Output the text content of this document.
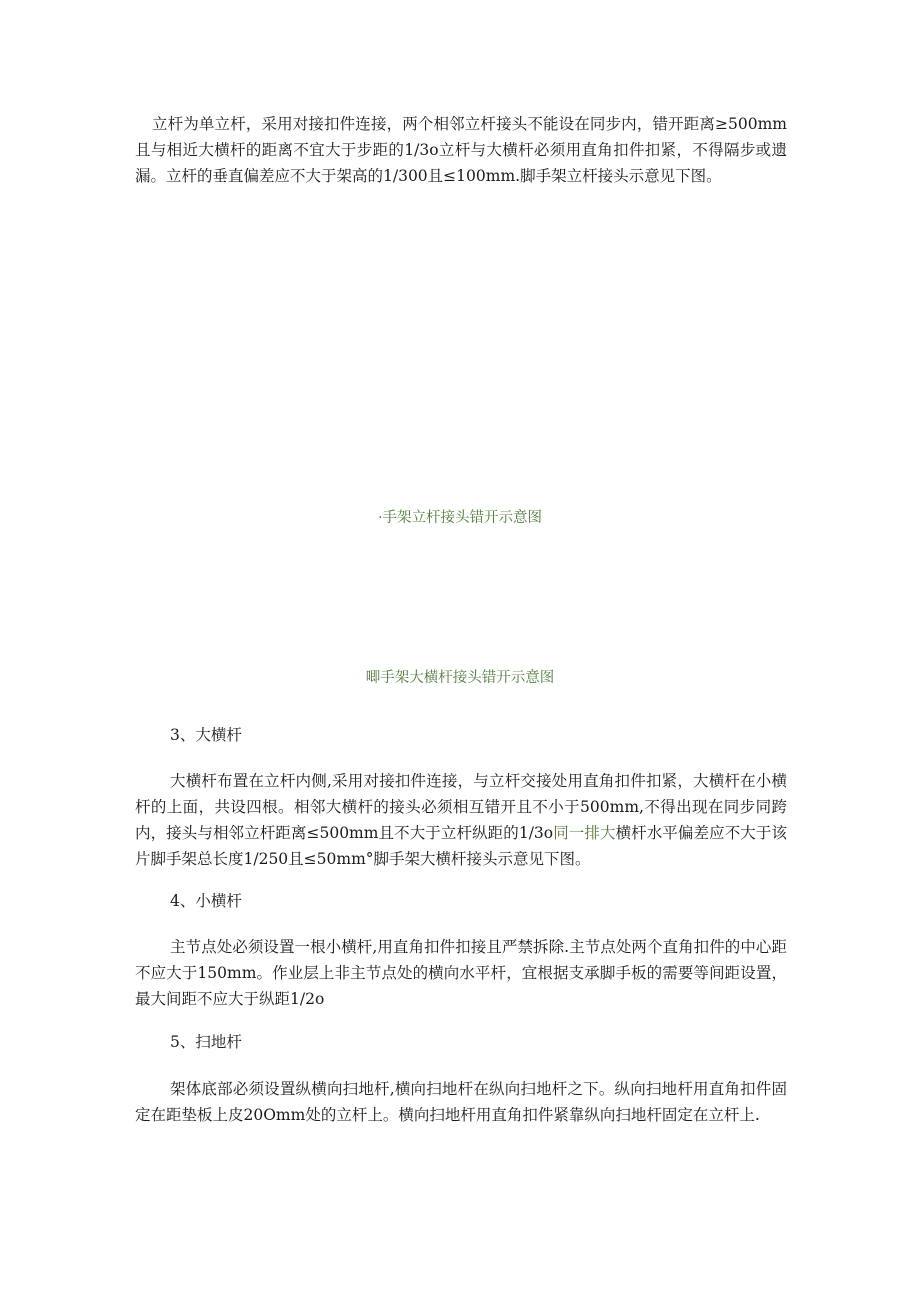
立杆为单立杆，采用对接扣件连接，两个相邻立杆接头不能设在同步内，错开距离≥500mm且与相近大横杆的距离不宜大于步距的1/3o立杆与大横杆必须用直角扣件扣紧，不得隔步或遗漏。立杆的垂直偏差应不大于架高的1/300且≤100mm.脚手架立杆接头示意见下图。

·手架立杆接头错开示意图

唧手架大横杆接头错开示意图

3、大横杆

大横杆布置在立杆内侧,采用对接扣件连接，与立杆交接处用直角扣件扣紧，大横杆在小横杆的上面，共设四根。相邻大横杆的接头必须相互错开且不小于500mm,不得出现在同步同跨内，接头与相邻立杆距离≤500mm且不大于立杆纵距的1/3o同一排大横杆水平偏差应不大于该片脚手架总长度1/250且≤50mm°脚手架大横杆接头示意见下图。

4、小横杆

主节点处必须设置一根小横杆,用直角扣件扣接且严禁拆除.主节点处两个直角扣件的中心距不应大于150mm。作业层上非主节点处的横向水平杆，宜根据支承脚手板的需要等间距设置，最大间距不应大于纵距1/2o

5、扫地杆

架体底部必须设置纵横向扫地杆,横向扫地杆在纵向扫地杆之下。纵向扫地杆用直角扣件固定在距垫板上皮20Omm处的立杆上。横向扫地杆用直角扣件紧靠纵向扫地杆固定在立杆上.
